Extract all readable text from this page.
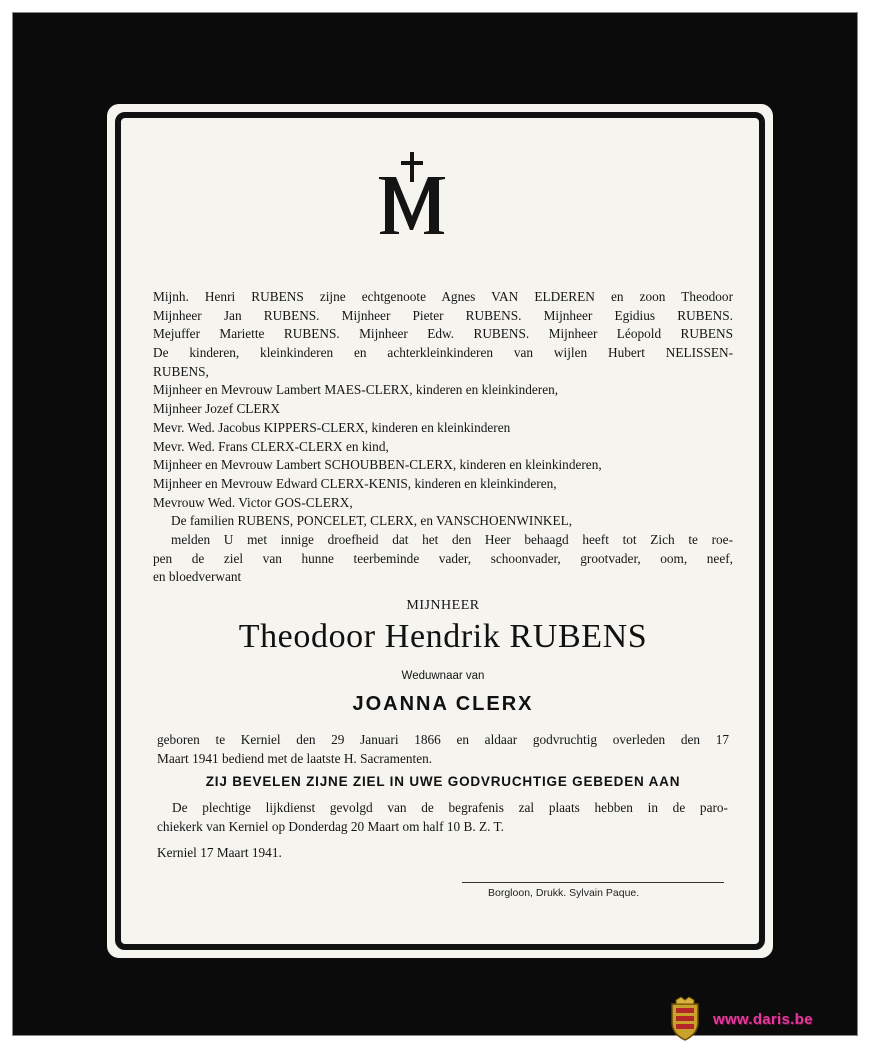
Mijnh. Henri RUBENS zijne echtgenoote Agnes VAN ELDEREN en zoon Theodoor
Mijnheer Jan RUBENS. Mijnheer Pieter RUBENS. Mijnheer Egidius RUBENS.
Mejuffer Mariette RUBENS. Mijnheer Edw. RUBENS. Mijnheer Léopold RUBENS
De kinderen, kleinkinderen en achterkleinkinderen van wijlen Hubert NELISSEN-
RUBENS,
Mijnheer en Mevrouw Lambert MAES-CLERX, kinderen en kleinkinderen,
Mijnheer Jozef CLERX
Mevr. Wed. Jacobus KIPPERS-CLERX, kinderen en kleinkinderen
Mevr. Wed. Frans CLERX-CLERX en kind,
Mijnheer en Mevrouw Lambert SCHOUBBEN-CLERX, kinderen en kleinkinderen,
Mijnheer en Mevrouw Edward CLERX-KENIS, kinderen en kleinkinderen,
Mevrouw Wed. Victor GOS-CLERX,
De familien RUBENS, PONCELET, CLERX, en VANSCHOENWINKEL,
melden U met innige droefheid dat het den Heer behaagd heeft tot Zich te roe-
pen de ziel van hunne teerbeminde vader, schoonvader, grootvader, oom, neef,
en bloedverwant
MIJNHEER
Theodoor Hendrik RUBENS
Weduwnaar van
JOANNA CLERX
geboren te Kerniel den 29 Januari 1866 en aldaar godvruchtig overleden den 17
Maart 1941 bediend met de laatste H. Sacramenten.
ZIJ BEVELEN ZIJNE ZIEL IN UWE GODVRUCHTIGE GEBEDEN AAN
De plechtige lijkdienst gevolgd van de begrafenis zal plaats hebben in de paro-
chiekerk van Kerniel op Donderdag 20 Maart om half 10 B. Z. T.
Kerniel 17 Maart 1941.
Borgloon, Drukk. Sylvain Paque.
www.daris.be
